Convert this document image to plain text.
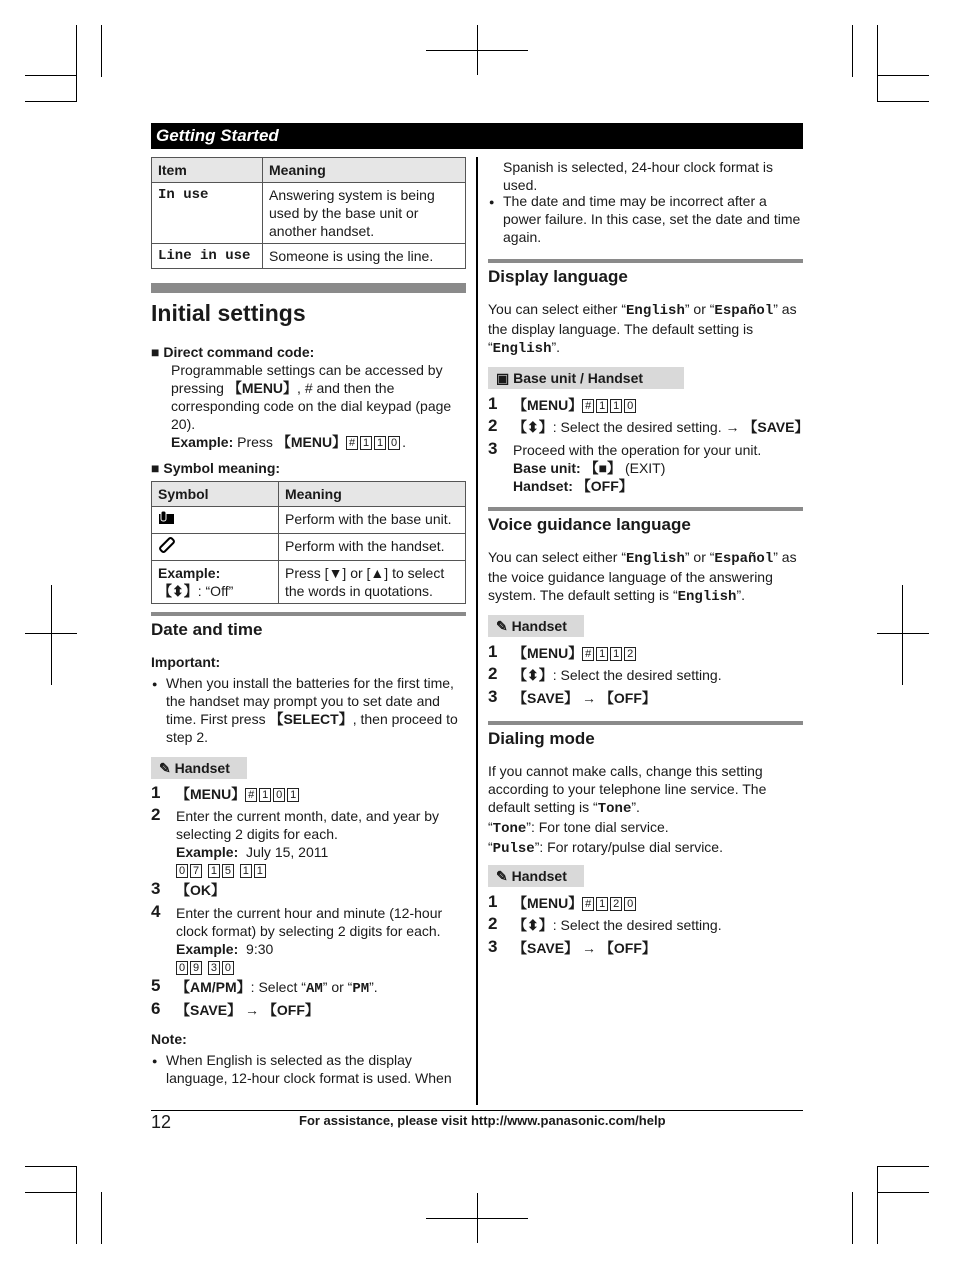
Getting Started
Item	Meaning
In use	Answering system is being used by the base unit or another handset.
Line in use	Someone is using the line.
Initial settings
■ Direct command code:
Programmable settings can be accessed by pressing 【MENU】, # and then the corresponding code on the dial keypad (page 20).
Example: Press 【MENU】 # 1 1 0 .
■ Symbol meaning:
Symbol	Meaning
	Perform with the base unit.
	Perform with the handset.
Example:
【⬍】: “Off”	Press [▼] or [▲] to select the words in quotations.
Date and time
Important:
● When you install the batteries for the first time, the handset may prompt you to set date and time. First press 【SELECT】, then proceed to step 2.
✎ Handset
1 【MENU】 # 1 0 1
2 Enter the current month, date, and year by selecting 2 digits for each.
Example: July 15, 2011
0 7 1 5 1 1
3 【OK】
4 Enter the current hour and minute (12-hour clock format) by selecting 2 digits for each.
Example: 9:30
0 9 3 0
5 【AM/PM】: Select “AM” or “PM”.
6 【SAVE】 → 【OFF】
Note:
● When English is selected as the display language, 12-hour clock format is used. When
Spanish is selected, 24-hour clock format is used.
● The date and time may be incorrect after a power failure. In this case, set the date and time again.
Display language
You can select either “English” or “Español” as the display language. The default setting is “English”.
▣ Base unit / Handset
1 【MENU】 # 1 1 0
2 【⬍】: Select the desired setting. → 【SAVE】
3 Proceed with the operation for your unit.
Base unit: 【■】 (EXIT)
Handset: 【OFF】
Voice guidance language
You can select either “English” or “Español” as the voice guidance language of the answering system. The default setting is “English”.
✎ Handset
1 【MENU】 # 1 1 2
2 【⬍】: Select the desired setting.
3 【SAVE】 → 【OFF】
Dialing mode
If you cannot make calls, change this setting according to your telephone line service. The default setting is “Tone”.
“Tone”: For tone dial service.
“Pulse”: For rotary/pulse dial service.
✎ Handset
1 【MENU】 # 1 2 0
2 【⬍】: Select the desired setting.
3 【SAVE】 → 【OFF】
12	For assistance, please visit http://www.panasonic.com/help
